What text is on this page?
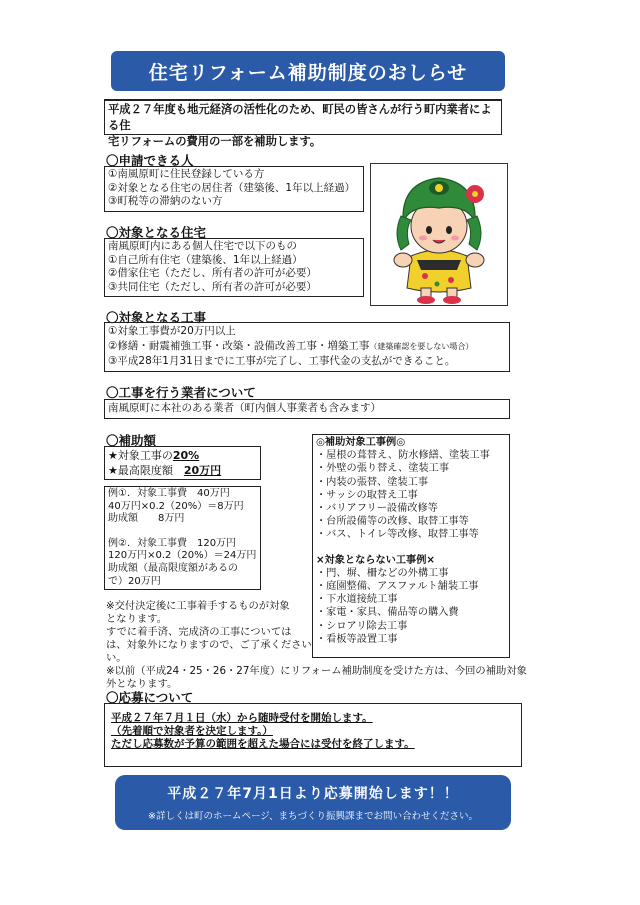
住宅リフォーム補助制度のおしらせ
平成２７年度も地元経済の活性化のため、町民の皆さんが行う町内業者による住
宅リフォームの費用の一部を補助します。
〇申請できる人
①南風原町に住民登録している方
②対象となる住宅の居住者（建築後、1年以上経過）
③町税等の滞納のない方
〇対象となる住宅
南風原町内にある個人住宅で以下のもの
①自己所有住宅（建築後、1年以上経過）
②借家住宅（ただし、所有者の許可が必要）
③共同住宅（ただし、所有者の許可が必要）
〇対象となる工事
①対象工事費が20万円以上
②修繕・耐震補強工事・改築・設備改善工事・増築工事（建築確認を要しない場合）
③平成28年1月31日までに工事が完了し、工事代金の支払ができること。
〇工事を行う業者について
南風原町に本社のある業者（町内個人事業者も含みます）
〇補助額
★対象工事の20%
★最高限度額　 20万円
例①．対象工事費　40万円
40万円×0.2（20%）＝8万円
助成額　　8万円
例②．対象工事費　120万円
120万円×0.2（20%）＝24万円
助成額（最高限度額があるの
で）20万円
◎補助対象工事例◎
・屋根の葺替え、防水修繕、塗装工事
・外壁の張り替え、塗装工事
・内装の張替、塗装工事
・サッシの取替え工事
・バリアフリー設備改修等
・台所設備等の改修、取替工事等
・バス、トイレ等改修、取替工事等
×対象とならない工事例×
・門、塀、柵などの外構工事
・庭園整備、アスファルト舗装工事
・下水道接続工事
・家電・家具、備品等の購入費
・シロアリ除去工事
・看板等設置工事
※交付決定後に工事着手するものが対象
となります。
すでに着手済、完成済の工事については
は、対象外になりますので、ご了承ください
い。
※以前（平成24・25・26・27年度）にリフォーム補助制度を受けた方は、今回の補助対象
外となります。
〇応募について
平成２７年７月１日（水）から随時受付を開始します。
（先着順で対象者を決定します。）
ただし応募数が予算の範囲を超えた場合には受付を終了します。
平成２７年7月1日より応募開始します！！
※詳しくは町のホームページ、まちづくり振興課までお問い合わせください。
